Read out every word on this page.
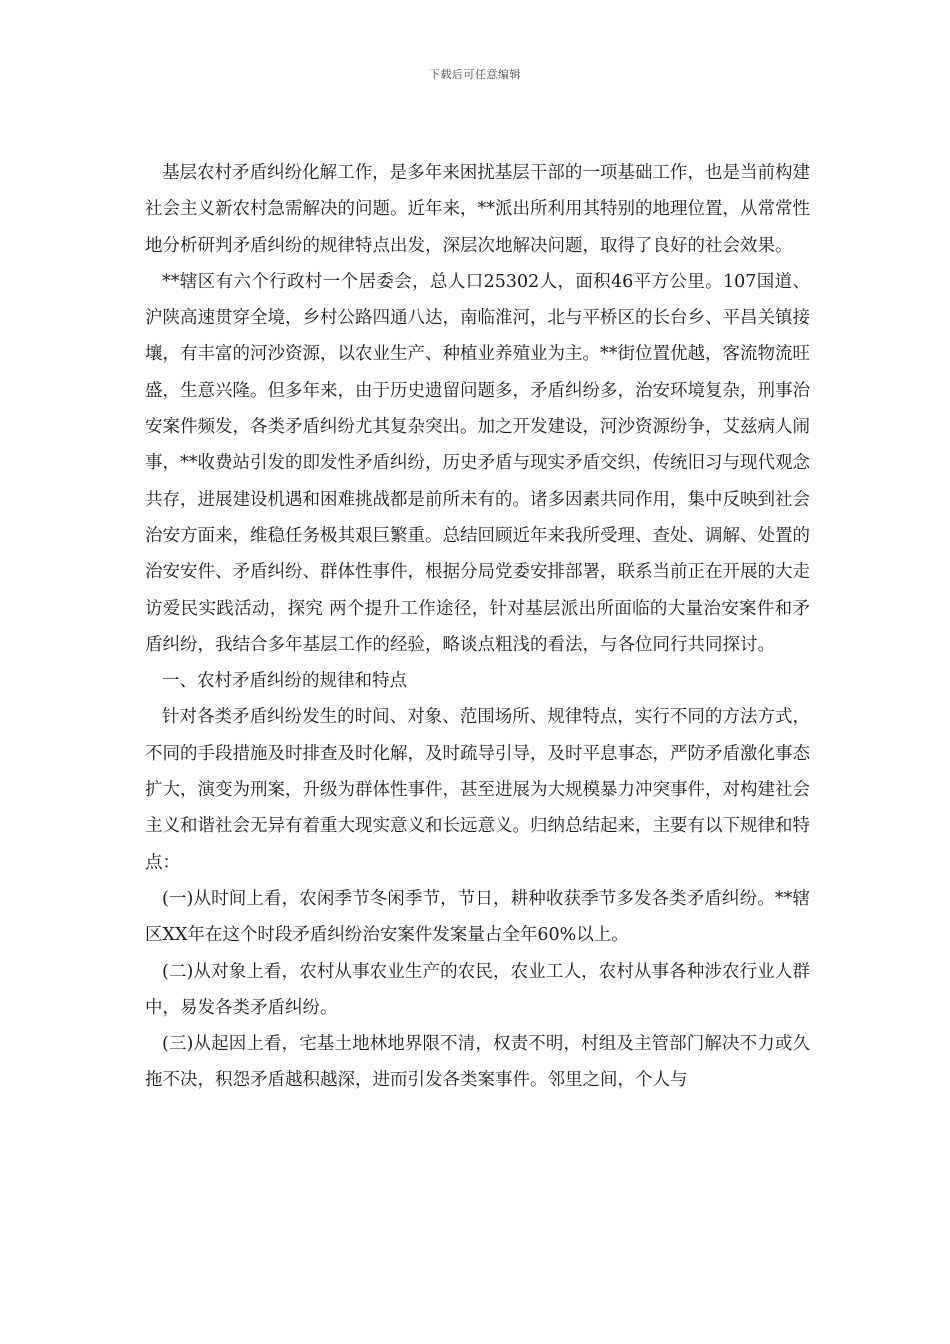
下载后可任意编辑

基层农村矛盾纠纷化解工作，是多年来困扰基层干部的一项基础工作，也是当前构建社会主义新农村急需解决的问题。近年来，**派出所利用其特别的地理位置，从常常性地分析研判矛盾纠纷的规律特点出发，深层次地解决问题，取得了良好的社会效果。

**辖区有六个行政村一个居委会，总人口25302人，面积46平方公里。107国道、沪陕高速贯穿全境，乡村公路四通八达，南临淮河，北与平桥区的长台乡、平昌关镇接壤，有丰富的河沙资源，以农业生产、种植业养殖业为主。**街位置优越，客流物流旺盛，生意兴隆。但多年来，由于历史遗留问题多，矛盾纠纷多，治安环境复杂，刑事治安案件频发，各类矛盾纠纷尤其复杂突出。加之开发建设，河沙资源纷争，艾兹病人闹事，**收费站引发的即发性矛盾纠纷，历史矛盾与现实矛盾交织，传统旧习与现代观念共存，进展建设机遇和困难挑战都是前所未有的。诸多因素共同作用，集中反映到社会治安方面来，维稳任务极其艰巨繁重。总结回顾近年来我所受理、查处、调解、处置的治安安件、矛盾纠纷、群体性事件，根据分局党委安排部署，联系当前正在开展的大走访爱民实践活动，探究 两个提升工作途径，针对基层派出所面临的大量治安案件和矛盾纠纷，我结合多年基层工作的经验，略谈点粗浅的看法，与各位同行共同探讨。

一、农村矛盾纠纷的规律和特点

针对各类矛盾纠纷发生的时间、对象、范围场所、规律特点，实行不同的方法方式，不同的手段措施及时排查及时化解，及时疏导引导，及时平息事态，严防矛盾激化事态扩大，演变为刑案，升级为群体性事件，甚至进展为大规模暴力冲突事件，对构建社会主义和谐社会无异有着重大现实意义和长远意义。归纳总结起来，主要有以下规律和特点：

(一)从时间上看，农闲季节冬闲季节，节日，耕种收获季节多发各类矛盾纠纷。**辖区XX年在这个时段矛盾纠纷治安案件发案量占全年60%以上。

(二)从对象上看，农村从事农业生产的农民，农业工人，农村从事各种涉农行业人群中，易发各类矛盾纠纷。

(三)从起因上看，宅基土地林地界限不清，权责不明，村组及主管部门解决不力或久拖不决，积怨矛盾越积越深，进而引发各类案事件。邻里之间，个人与
